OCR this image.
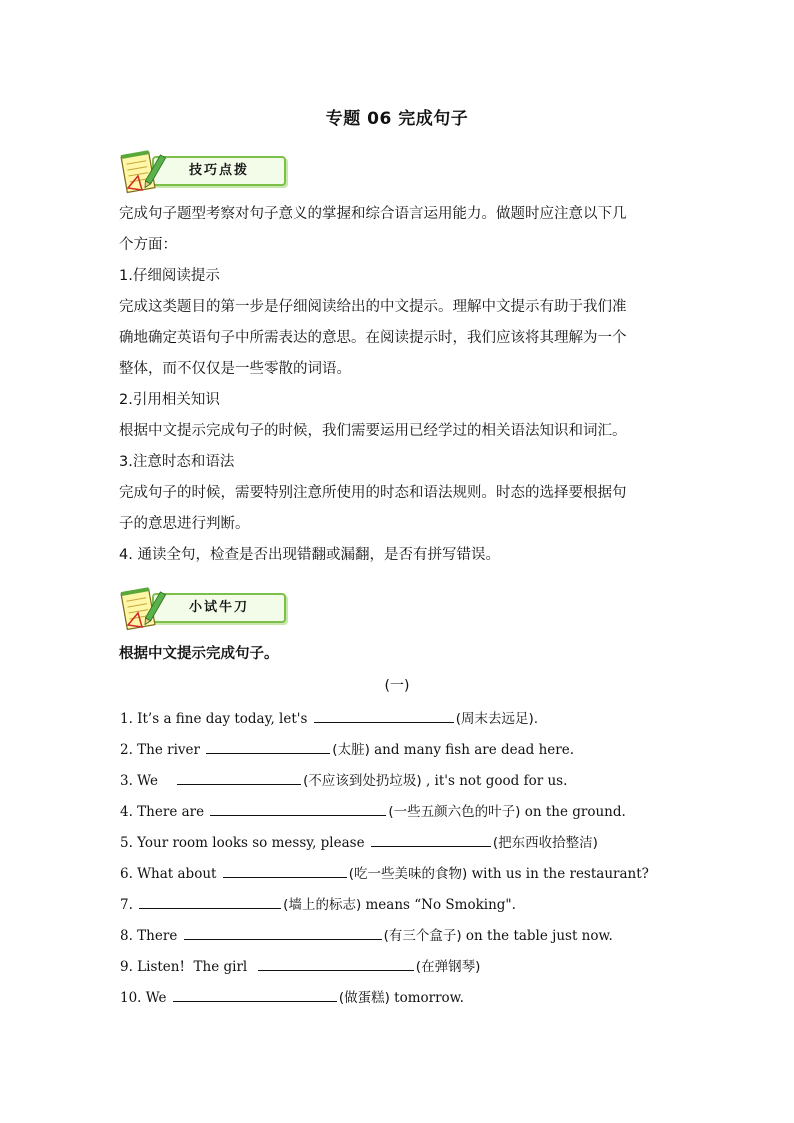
专题 06 完成句子
技巧点拨

完成句子题型考察对句子意义的掌握和综合语言运用能力。做题时应注意以下几

个方面：

1.仔细阅读提示

完成这类题目的第一步是仔细阅读给出的中文提示。理解中文提示有助于我们准

确地确定英语句子中所需表达的意思。在阅读提示时，我们应该将其理解为一个

整体，而不仅仅是一些零散的词语。

2.引用相关知识

根据中文提示完成句子的时候，我们需要运用已经学过的相关语法知识和词汇。

3.注意时态和语法

完成句子的时候，需要特别注意所使用的时态和语法规则。时态的选择要根据句

子的意思进行判断。

4. 通读全句，检查是否出现错翻或漏翻，是否有拼写错误。

小试牛刀
根据中文提示完成句子。
(一)
1. It’s a fine day today, let's	(周末去远足).
2. The river	(太脏) and many fish are dead here.
3. We	(不应该到处扔垃圾) , it's not good for us.
4. There are	(一些五颜六色的叶子) on the ground.
5. Your room looks so messy, please	(把东西收拾整洁)
6. What about	(吃一些美味的食物) with us in the restaurant?
7.	(墙上的标志) means “No Smoking".
8. There	(有三个盒子) on the table just now.
9. Listen!  The girl	(在弹钢琴)
10. We	(做蛋糕) tomorrow.
